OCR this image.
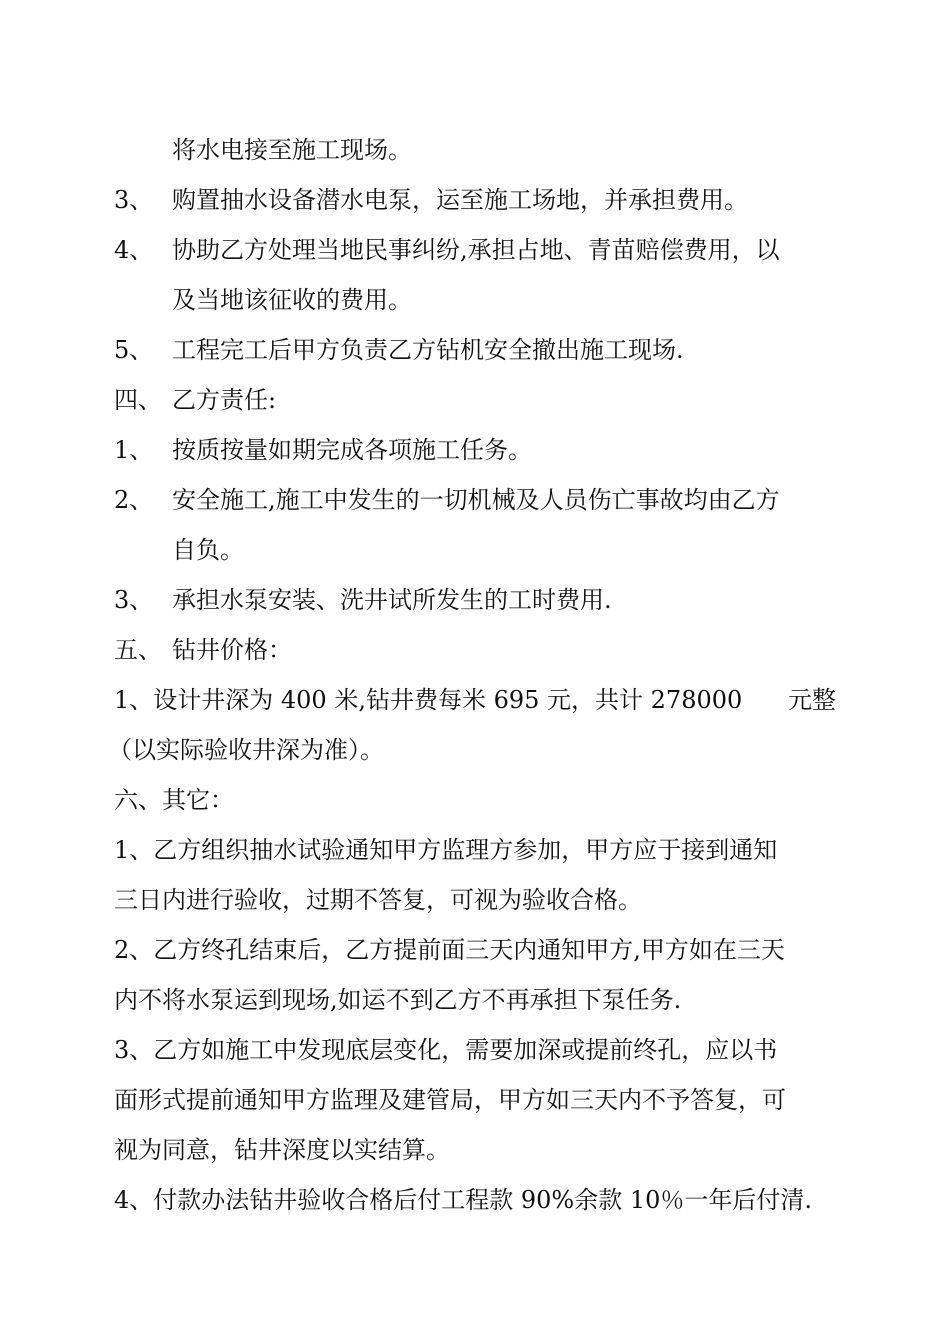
将水电接至施工现场。
3、 购置抽水设备潜水电泵，运至施工场地，并承担费用。
4、 协助乙方处理当地民事纠纷,承担占地、青苗赔偿费用，以
及当地该征收的费用。
5、 工程完工后甲方负责乙方钻机安全撤出施工现场.
四、 乙方责任:
1、 按质按量如期完成各项施工任务。
2、 安全施工,施工中发生的一切机械及人员伤亡事故均由乙方
自负。
3、 承担水泵安装、洗井试所发生的工时费用.
五、 钻井价格：
1、设计井深为 400 米,钻井费每米 695 元，共计 278000 元整
（以实际验收井深为准）。
六、其它：
1、乙方组织抽水试验通知甲方监理方参加，甲方应于接到通知
三日内进行验收，过期不答复，可视为验收合格。
2、乙方终孔结束后，乙方提前面三天内通知甲方,甲方如在三天
内不将水泵运到现场,如运不到乙方不再承担下泵任务.
3、乙方如施工中发现底层变化，需要加深或提前终孔，应以书
面形式提前通知甲方监理及建管局，甲方如三天内不予答复，可
视为同意，钻井深度以实结算。
4、付款办法钻井验收合格后付工程款 90%余款 10％一年后付清.
